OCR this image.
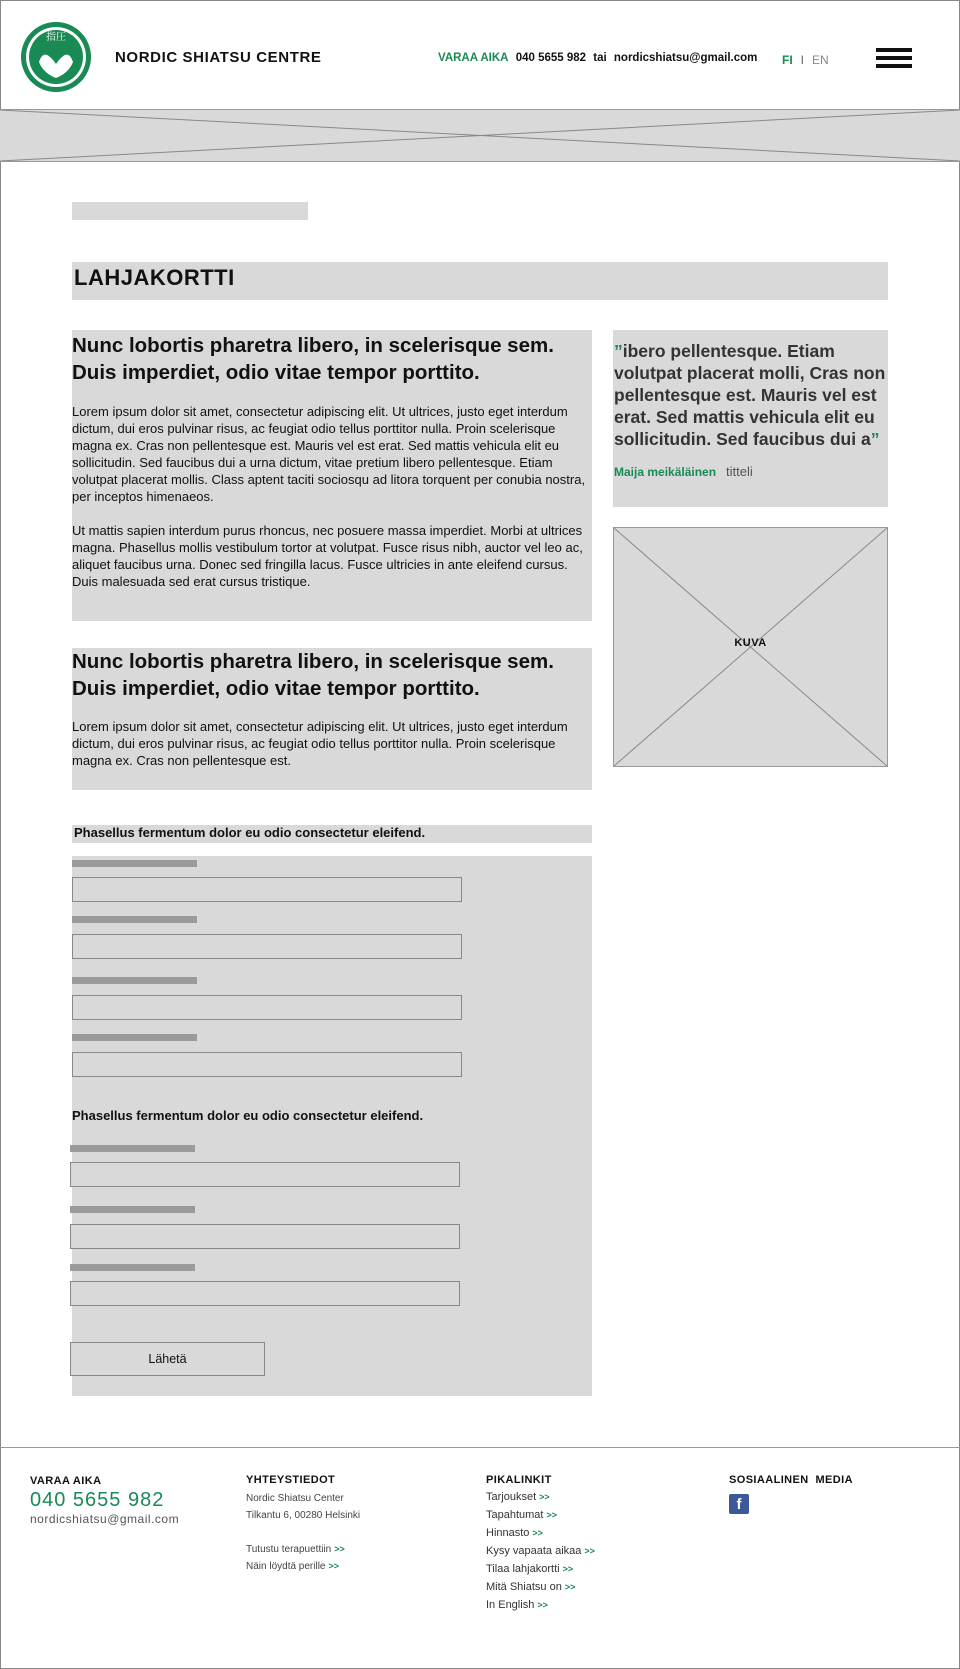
指圧
NORDIC SHIATSU CENTRE	VARAA AIKA 040 5655 982 tai nordicshiatsu@gmail.com	FI I EN
LAHJAKORTTI
Nunc lobortis pharetra libero, in scelerisque sem. Duis imperdiet, odio vitae tempor porttito.

Lorem ipsum dolor sit amet, consectetur adipiscing elit. Ut ultrices, justo eget interdum dictum, dui eros pulvinar risus, ac feugiat odio tellus porttitor nulla. Proin scelerisque magna ex. Cras non pellentesque est. Mauris vel est erat. Sed mattis vehicula elit eu sollicitudin. Sed faucibus dui a urna dictum, vitae pretium libero pellentesque. Etiam volutpat placerat mollis. Class aptent taciti sociosqu ad litora torquent per conubia nostra, per inceptos himenaeos.

Ut mattis sapien interdum purus rhoncus, nec posuere massa imperdiet. Morbi at ultrices magna. Phasellus mollis vestibulum tortor at volutpat. Fusce risus nibh, auctor vel leo ac, aliquet faucibus urna. Donec sed fringilla lacus. Fusce ultricies in ante eleifend cursus. Duis malesuada sed erat cursus tristique.

Nunc lobortis pharetra libero, in scelerisque sem. Duis imperdiet, odio vitae tempor porttito.

Lorem ipsum dolor sit amet, consectetur adipiscing elit. Ut ultrices, justo eget interdum dictum, dui eros pulvinar risus, ac feugiat odio tellus porttitor nulla. Proin scelerisque magna ex. Cras non pellentesque est.

”ibero pellentesque. Etiam volutpat placerat molli, Cras non pellentesque est. Mauris vel est erat. Sed mattis vehicula elit eu sollicitudin. Sed faucibus dui a”
Maija meikäläinen titteli
KUVA
Phasellus fermentum dolor eu odio consectetur eleifend.
Phasellus fermentum dolor eu odio consectetur eleifend.
Lähetä
VARAA AIKA
040 5655 982
nordicshiatsu@gmail.com
YHTEYSTIEDOT
Nordic Shiatsu Center
Tilkantu 6, 00280 Helsinki
Tutustu terapuettiin >>
Näin löydtä perille >>
PIKALINKIT
Tarjoukset >>
Tapahtumat >>
Hinnasto >>
Kysy vapaata aikaa >>
Tilaa lahjakortti >>
Mitä Shiatsu on >>
In English >>
SOSIAALINEN  MEDIA
f
